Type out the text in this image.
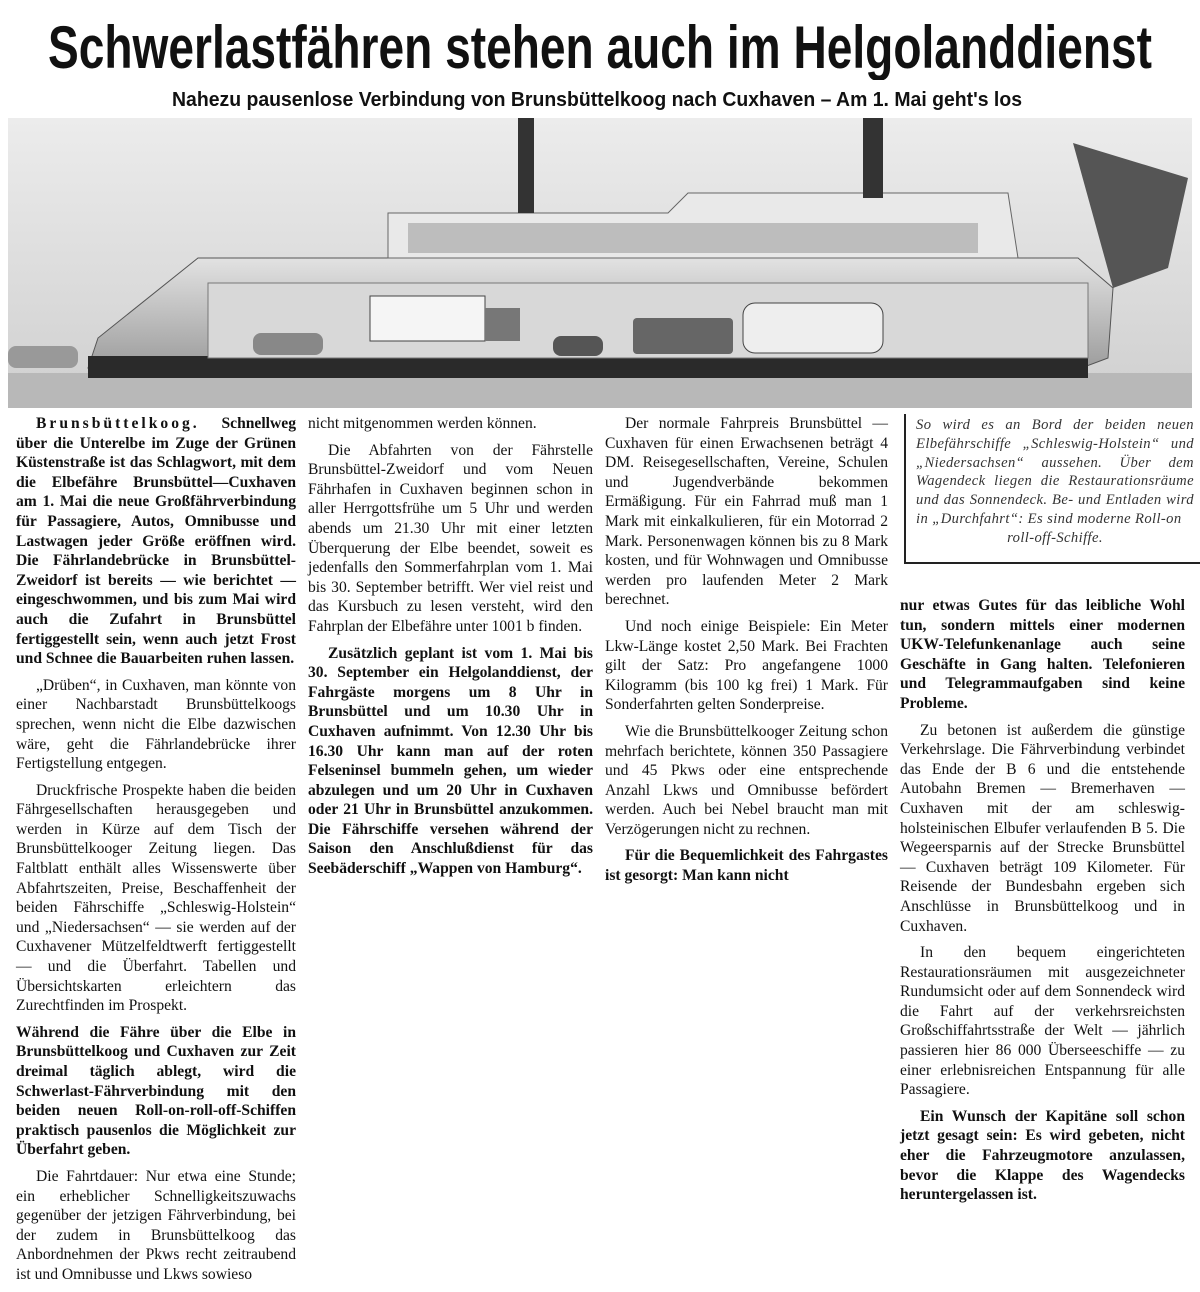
Schwerlastfähren stehen auch im Helgolanddienst
Nahezu pausenlose Verbindung von Brunsbüttelkoog nach Cuxhaven – Am 1. Mai geht's los
So wird es an Bord der beiden neuen Elbefährschiffe „Schleswig-Holstein“ und „Niedersachsen“ aussehen. Über dem Wagendeck liegen die Restaurationsräume und das Sonnendeck. Be- und Entladen wird in „Durchfahrt“: Es sind moderne Roll-on
roll-off-Schiffe.

Brunsbüttelkoog. Schnellweg über die Unterelbe im Zuge der Grünen Küstenstraße ist das Schlagwort, mit dem die Elbefähre Brunsbüttel—Cuxhaven am 1. Mai die neue Großfährverbindung für Passagiere, Autos, Omnibusse und Lastwagen jeder Größe eröffnen wird. Die Fährlandebrücke in Brunsbüttel-Zweidorf ist bereits — wie berichtet — eingeschwommen, und bis zum Mai wird auch die Zufahrt in Brunsbüttel fertiggestellt sein, wenn auch jetzt Frost und Schnee die Bauarbeiten ruhen lassen.

„Drüben“, in Cuxhaven, man könnte von einer Nachbarstadt Brunsbüttelkoogs sprechen, wenn nicht die Elbe dazwischen wäre, geht die Fährlandebrücke ihrer Fertigstellung entgegen.

Druckfrische Prospekte haben die beiden Fährgesellschaften herausgegeben und werden in Kürze auf dem Tisch der Brunsbüttelkooger Zeitung liegen. Das Faltblatt enthält alles Wissenswerte über Abfahrtszeiten, Preise, Beschaffenheit der beiden Fährschiffe „Schleswig-Holstein“ und „Niedersachsen“ — sie werden auf der Cuxhavener Mützelfeldtwerft fertiggestellt — und die Überfahrt. Tabellen und Übersichtskarten erleichtern das Zurechtfinden im Prospekt.

Während die Fähre über die Elbe in Brunsbüttelkoog und Cuxhaven zur Zeit dreimal täglich ablegt, wird die Schwerlast-Fährverbindung mit den beiden neuen Roll-on-roll-off-Schiffen praktisch pausenlos die Möglichkeit zur Überfahrt geben.

Die Fahrtdauer: Nur etwa eine Stunde; ein erheblicher Schnelligkeitszuwachs gegenüber der jetzigen Fährverbindung, bei der zudem in Brunsbüttelkoog das Anbordnehmen der Pkws recht zeitraubend ist und Omnibusse und Lkws sowieso

nicht mitgenommen werden können.

Die Abfahrten von der Fährstelle Brunsbüttel-Zweidorf und vom Neuen Fährhafen in Cuxhaven beginnen schon in aller Herrgottsfrühe um 5 Uhr und werden abends um 21.30 Uhr mit einer letzten Überquerung der Elbe beendet, soweit es jedenfalls den Sommerfahrplan vom 1. Mai bis 30. September betrifft. Wer viel reist und das Kursbuch zu lesen versteht, wird den Fahrplan der Elbefähre unter 1001 b finden.

Zusätzlich geplant ist vom 1. Mai bis 30. September ein Helgolanddienst, der Fahrgäste morgens um 8 Uhr in Brunsbüttel und um 10.30 Uhr in Cuxhaven aufnimmt. Von 12.30 Uhr bis 16.30 Uhr kann man auf der roten Felseninsel bummeln gehen, um wieder abzulegen und um 20 Uhr in Cuxhaven oder 21 Uhr in Brunsbüttel anzukommen. Die Fährschiffe versehen während der Saison den Anschlußdienst für das Seebäderschiff „Wappen von Hamburg“.

Der normale Fahrpreis Brunsbüttel — Cuxhaven für einen Erwachsenen beträgt 4 DM. Reisegesellschaften, Vereine, Schulen und Jugendverbände bekommen Ermäßigung. Für ein Fahrrad muß man 1 Mark mit einkalkulieren, für ein Motorrad 2 Mark. Personenwagen können bis zu 8 Mark kosten, und für Wohnwagen und Omnibusse werden pro laufenden Meter 2 Mark berechnet.

Und noch einige Beispiele: Ein Meter Lkw-Länge kostet 2,50 Mark. Bei Frachten gilt der Satz: Pro angefangene 1000 Kilogramm (bis 100 kg frei) 1 Mark. Für Sonderfahrten gelten Sonderpreise.

Wie die Brunsbüttelkooger Zeitung schon mehrfach berichtete, können 350 Passagiere und 45 Pkws oder eine entsprechende Anzahl Lkws und Omnibusse befördert werden. Auch bei Nebel braucht man mit Verzögerungen nicht zu rechnen.

Für die Bequemlichkeit des Fahrgastes ist gesorgt: Man kann nicht

nur etwas Gutes für das leibliche Wohl tun, sondern mittels einer modernen UKW-Telefunkenanlage auch seine Geschäfte in Gang halten. Telefonieren und Telegrammaufgaben sind keine Probleme.

Zu betonen ist außerdem die günstige Verkehrslage. Die Fährverbindung verbindet das Ende der B 6 und die entstehende Autobahn Bremen — Bremerhaven — Cuxhaven mit der am schleswig-holsteinischen Elbufer verlaufenden B 5. Die Wegeersparnis auf der Strecke Brunsbüttel — Cuxhaven beträgt 109 Kilometer. Für Reisende der Bundesbahn ergeben sich Anschlüsse in Brunsbüttelkoog und in Cuxhaven.

In den bequem eingerichteten Restaurationsräumen mit ausgezeichneter Rundumsicht oder auf dem Sonnendeck wird die Fahrt auf der verkehrsreichsten Großschiffahrtsstraße der Welt — jährlich passieren hier 86 000 Überseeschiffe — zu einer erlebnisreichen Entspannung für alle Passagiere.

Ein Wunsch der Kapitäne soll schon jetzt gesagt sein: Es wird gebeten, nicht eher die Fahrzeugmotore anzulassen, bevor die Klappe des Wagendecks heruntergelassen ist.
